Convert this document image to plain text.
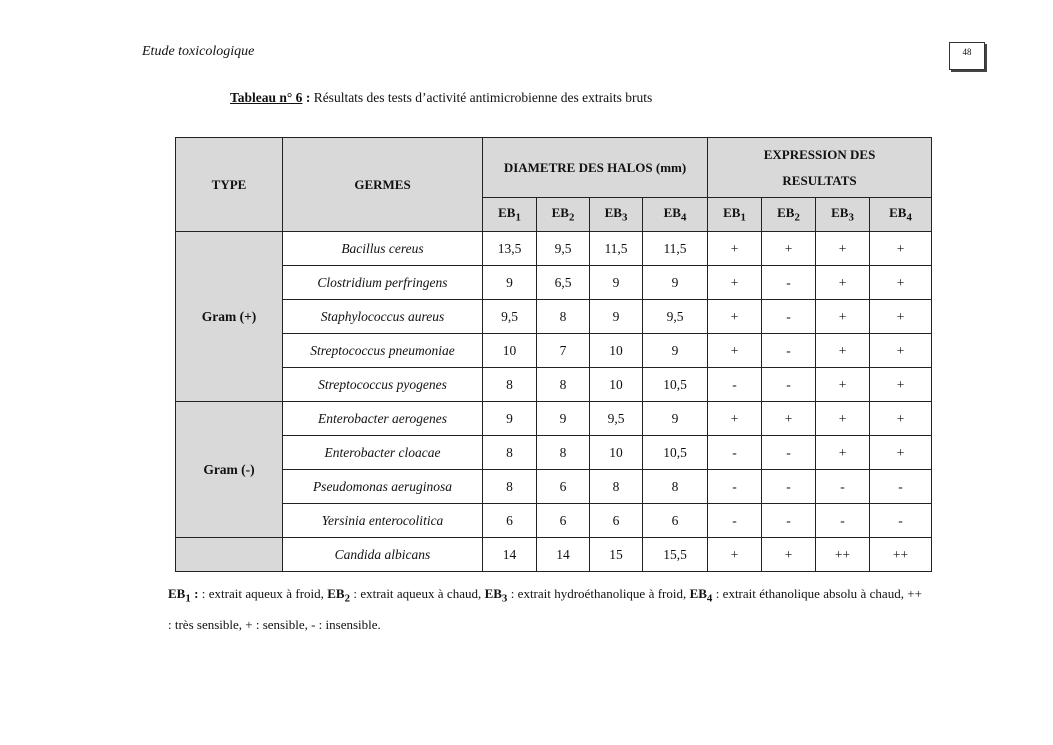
Etude toxicologique	48
Tableau n° 6 : Résultats des tests d’activité antimicrobienne des extraits bruts
TYPE	GERMES	DIAMETRE DES HALOS (mm)				EXPRESSION DES
RESULTATS			
		$EB_1$	$EB_2$	$EB_3$	$EB_4$	$EB_1$	$EB_2$	$EB_3$	$EB_4$
Gram (+)	Bacillus cereus	13,5	9,5	11,5	11,5	+	+	+	+
	Clostridium perfringens	9	6,5	9	9	+	-	+	+
	Staphylococcus aureus	9,5	8	9	9,5	+	-	+	+
	Streptococcus pneumoniae	10	7	10	9	+	-	+	+
	Streptococcus pyogenes	8	8	10	10,5	-	-	+	+
Gram (-)	Enterobacter aerogenes	9	9	9,5	9	+	+	+	+
	Enterobacter cloacae	8	8	10	10,5	-	-	+	+
	Pseudomonas aeruginosa	8	6	8	8	-	-	-	-
	Yersinia enterocolitica	6	6	6	6	-	-	-	-
	Candida albicans	14	14	15	15,5	+	+	++	++
$EB_1$ : : extrait aqueux à froid, $EB_2$ : extrait aqueux à chaud, $EB_3$ : extrait hydroéthanolique à froid, $EB_4$ : extrait éthanolique absolu à chaud, ++ : très sensible, + : sensible, - : insensible.
